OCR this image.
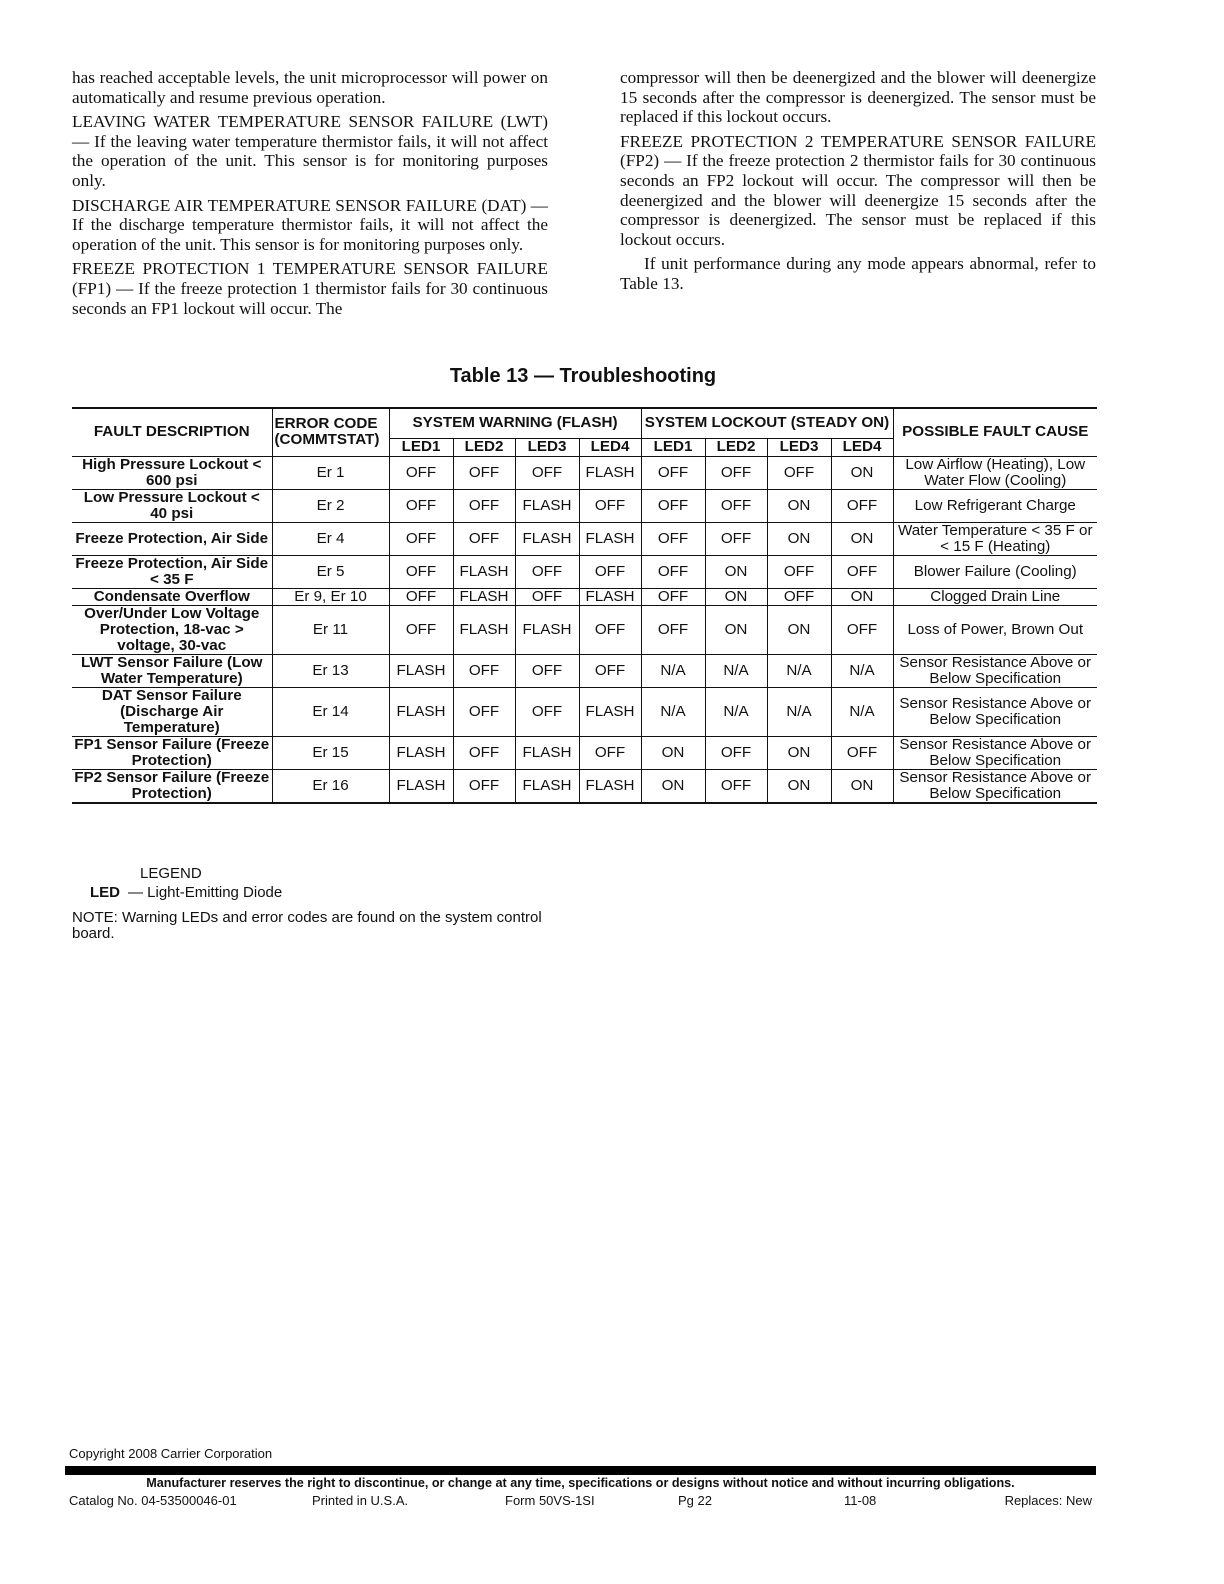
has reached acceptable levels, the unit microprocessor will power on automatically and resume previous operation.

LEAVING WATER TEMPERATURE SENSOR FAILURE (LWT) — If the leaving water temperature thermistor fails, it will not affect the operation of the unit. This sensor is for monitoring purposes only.

DISCHARGE AIR TEMPERATURE SENSOR FAILURE (DAT) — If the discharge temperature thermistor fails, it will not affect the operation of the unit. This sensor is for monitoring purposes only.

FREEZE PROTECTION 1 TEMPERATURE SENSOR FAILURE (FP1) — If the freeze protection 1 thermistor fails for 30 continuous seconds an FP1 lockout will occur. The

compressor will then be deenergized and the blower will deenergize 15 seconds after the compressor is deenergized. The sensor must be replaced if this lockout occurs.

FREEZE PROTECTION 2 TEMPERATURE SENSOR FAILURE (FP2) — If the freeze protection 2 thermistor fails for 30 continuous seconds an FP2 lockout will occur. The compressor will then be deenergized and the blower will deenergize 15 seconds after the compressor is deenergized. The sensor must be replaced if this lockout occurs.

If unit performance during any mode appears abnormal, refer to Table 13.

Table 13 — Troubleshooting
FAULT DESCRIPTION	ERROR CODE (COMMTSTAT)	SYSTEM WARNING (FLASH)				SYSTEM LOCKOUT (STEADY ON)				POSSIBLE FAULT CAUSE
		LED1	LED2	LED3	LED4	LED1	LED2	LED3	LED4	
High Pressure Lockout < 600 psi	Er 1	OFF	OFF	OFF	FLASH	OFF	OFF	OFF	ON	Low Airflow (Heating), Low Water Flow (Cooling)
Low Pressure Lockout < 40 psi	Er 2	OFF	OFF	FLASH	OFF	OFF	OFF	ON	OFF	Low Refrigerant Charge
Freeze Protection, Air Side	Er 4	OFF	OFF	FLASH	FLASH	OFF	OFF	ON	ON	Water Temperature < 35 F or < 15 F (Heating)
Freeze Protection, Air Side < 35 F	Er 5	OFF	FLASH	OFF	OFF	OFF	ON	OFF	OFF	Blower Failure (Cooling)
Condensate Overflow	Er 9, Er 10	OFF	FLASH	OFF	FLASH	OFF	ON	OFF	ON	Clogged Drain Line
Over/Under Low Voltage Protection, 18-vac > voltage, 30-vac	Er 11	OFF	FLASH	FLASH	OFF	OFF	ON	ON	OFF	Loss of Power, Brown Out
LWT Sensor Failure (Low Water Temperature)	Er 13	FLASH	OFF	OFF	OFF	N/A	N/A	N/A	N/A	Sensor Resistance Above or Below Specification
DAT Sensor Failure (Discharge Air Temperature)	Er 14	FLASH	OFF	OFF	FLASH	N/A	N/A	N/A	N/A	Sensor Resistance Above or Below Specification
FP1 Sensor Failure (Freeze Protection)	Er 15	FLASH	OFF	FLASH	OFF	ON	OFF	ON	OFF	Sensor Resistance Above or Below Specification
FP2 Sensor Failure (Freeze Protection)	Er 16	FLASH	OFF	FLASH	FLASH	ON	OFF	ON	ON	Sensor Resistance Above or Below Specification
LEGEND
LED — Light-Emitting Diode
NOTE: Warning LEDs and error codes are found on the system control board.
Copyright 2008 Carrier Corporation
Manufacturer reserves the right to discontinue, or change at any time, specifications or designs without notice and without incurring obligations.
Catalog No. 04-53500046-01	Printed in U.S.A.	Form 50VS-1SI	Pg 22	11-08	Replaces: New
